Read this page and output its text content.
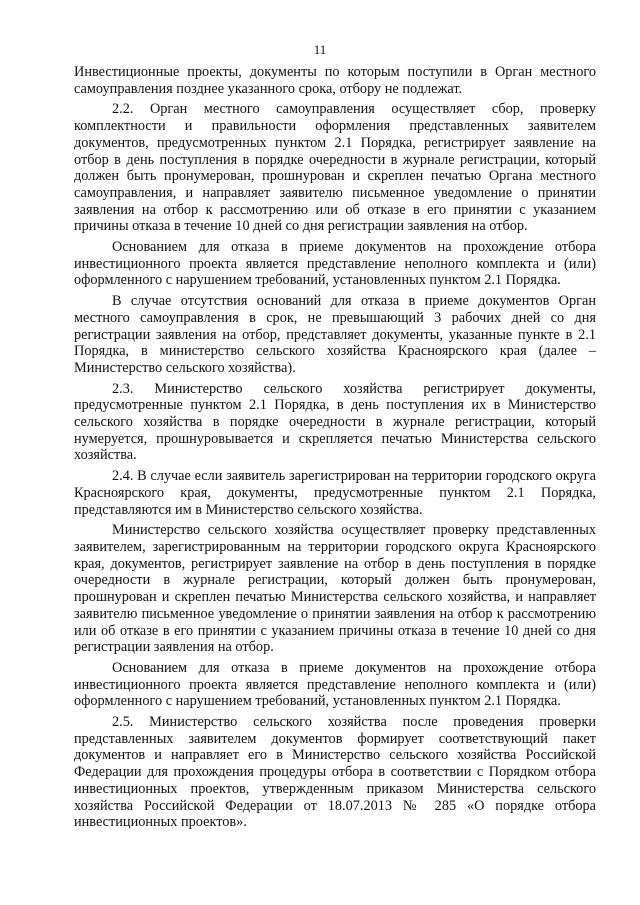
11

Инвестиционные проекты, документы по которым поступили в Орган местного самоуправления позднее указанного срока, отбору не подлежат.

2.2. Орган местного самоуправления осуществляет сбор, проверку комплектности и правильности оформления представленных заявителем документов, предусмотренных пунктом 2.1 Порядка, регистрирует заявление на отбор в день поступления в порядке очередности в журнале регистрации, который должен быть пронумерован, прошнурован и скреплен печатью Органа местного самоуправления, и направляет заявителю письменное уведомление о принятии заявления на отбор к рассмотрению или об отказе в его принятии с указанием причины отказа в течение 10 дней со дня регистрации заявления на отбор.

Основанием для отказа в приеме документов на прохождение отбора инвестиционного проекта является представление неполного комплекта и (или) оформленного с нарушением требований, установленных пунктом 2.1 Порядка.

В случае отсутствия оснований для отказа в приеме документов Орган местного самоуправления в срок, не превышающий 3 рабочих дней со дня регистрации заявления на отбор, представляет документы, указанные пункте в 2.1 Порядка, в министерство сельского хозяйства Красноярского края (далее – Министерство сельского хозяйства).

2.3. Министерство сельского хозяйства регистрирует документы, предусмотренные пунктом 2.1 Порядка, в день поступления их в Министерство сельского хозяйства в порядке очередности в журнале регистрации, который нумеруется, прошнуровывается и скрепляется печатью Министерства сельского хозяйства.

2.4. В случае если заявитель зарегистрирован на территории городского округа Красноярского края, документы, предусмотренные пунктом 2.1 Порядка, представляются им в Министерство сельского хозяйства.

Министерство сельского хозяйства осуществляет проверку представленных заявителем, зарегистрированным на территории городского округа Красноярского края, документов, регистрирует заявление на отбор в день поступления в порядке очередности в журнале регистрации, который должен быть пронумерован, прошнурован и скреплен печатью Министерства сельского хозяйства, и направляет заявителю письменное уведомление о принятии заявления на отбор к рассмотрению или об отказе в его принятии с указанием причины отказа в течение 10 дней со дня регистрации заявления на отбор.

Основанием для отказа в приеме документов на прохождение отбора инвестиционного проекта является представление неполного комплекта и (или) оформленного с нарушением требований, установленных пунктом 2.1 Порядка.

2.5. Министерство сельского хозяйства после проведения проверки представленных заявителем документов формирует соответствующий пакет документов и направляет его в Министерство сельского хозяйства Российской Федерации для прохождения процедуры отбора в соответствии с Порядком отбора инвестиционных проектов, утвержденным приказом Министерства сельского хозяйства Российской Федерации от 18.07.2013 № 285 «О порядке отбора инвестиционных проектов».
